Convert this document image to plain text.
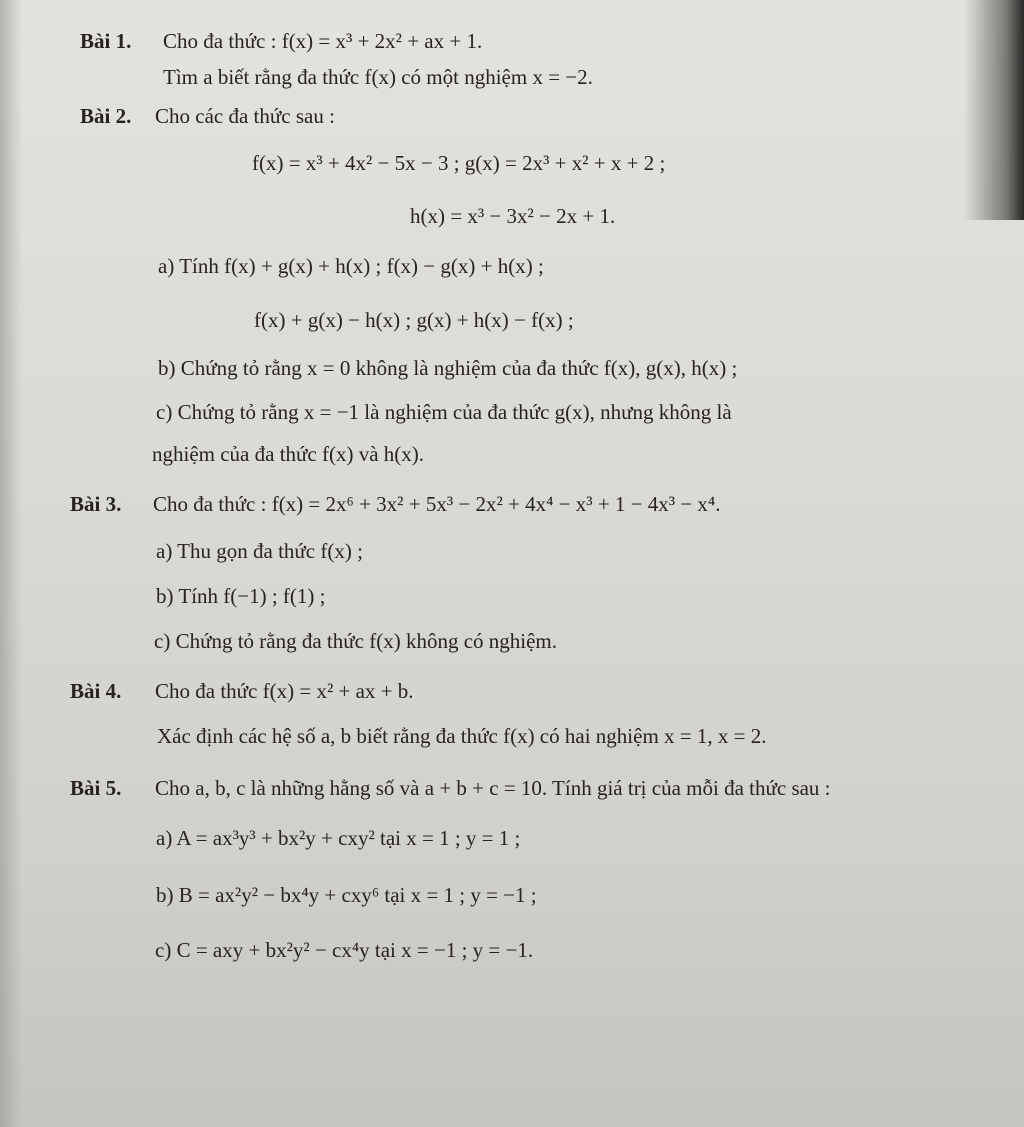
Bài 1. Cho đa thức : f(x) = x³ + 2x² + ax + 1.
Tìm a biết rằng đa thức f(x) có một nghiệm x = −2.
Bài 2. Cho các đa thức sau :
f(x) = x³ + 4x² − 5x − 3 ; g(x) = 2x³ + x² + x + 2 ;
h(x) = x³ − 3x² − 2x + 1.
a) Tính f(x) + g(x) + h(x) ; f(x) − g(x) + h(x) ;
f(x) + g(x) − h(x) ; g(x) + h(x) − f(x) ;
b) Chứng tỏ rằng x = 0 không là nghiệm của đa thức f(x), g(x), h(x) ;
c) Chứng tỏ rằng x = −1 là nghiệm của đa thức g(x), nhưng không là
nghiệm của đa thức f(x) và h(x).
Bài 3. Cho đa thức : f(x) = 2x⁶ + 3x² + 5x³ − 2x² + 4x⁴ − x³ + 1 − 4x³ − x⁴.
a) Thu gọn đa thức f(x) ;
b) Tính f(−1) ; f(1) ;
c) Chứng tỏ rằng đa thức f(x) không có nghiệm.
Bài 4. Cho đa thức f(x) = x² + ax + b.
Xác định các hệ số a, b biết rằng đa thức f(x) có hai nghiệm x = 1, x = 2.
Bài 5. Cho a, b, c là những hằng số và a + b + c = 10. Tính giá trị của mỗi đa thức sau :
a) A = ax³y³ + bx²y + cxy² tại x = 1 ; y = 1 ;
b) B = ax²y² − bx⁴y + cxy⁶ tại x = 1 ; y = −1 ;
c) C = axy + bx²y² − cx⁴y tại x = −1 ; y = −1.
